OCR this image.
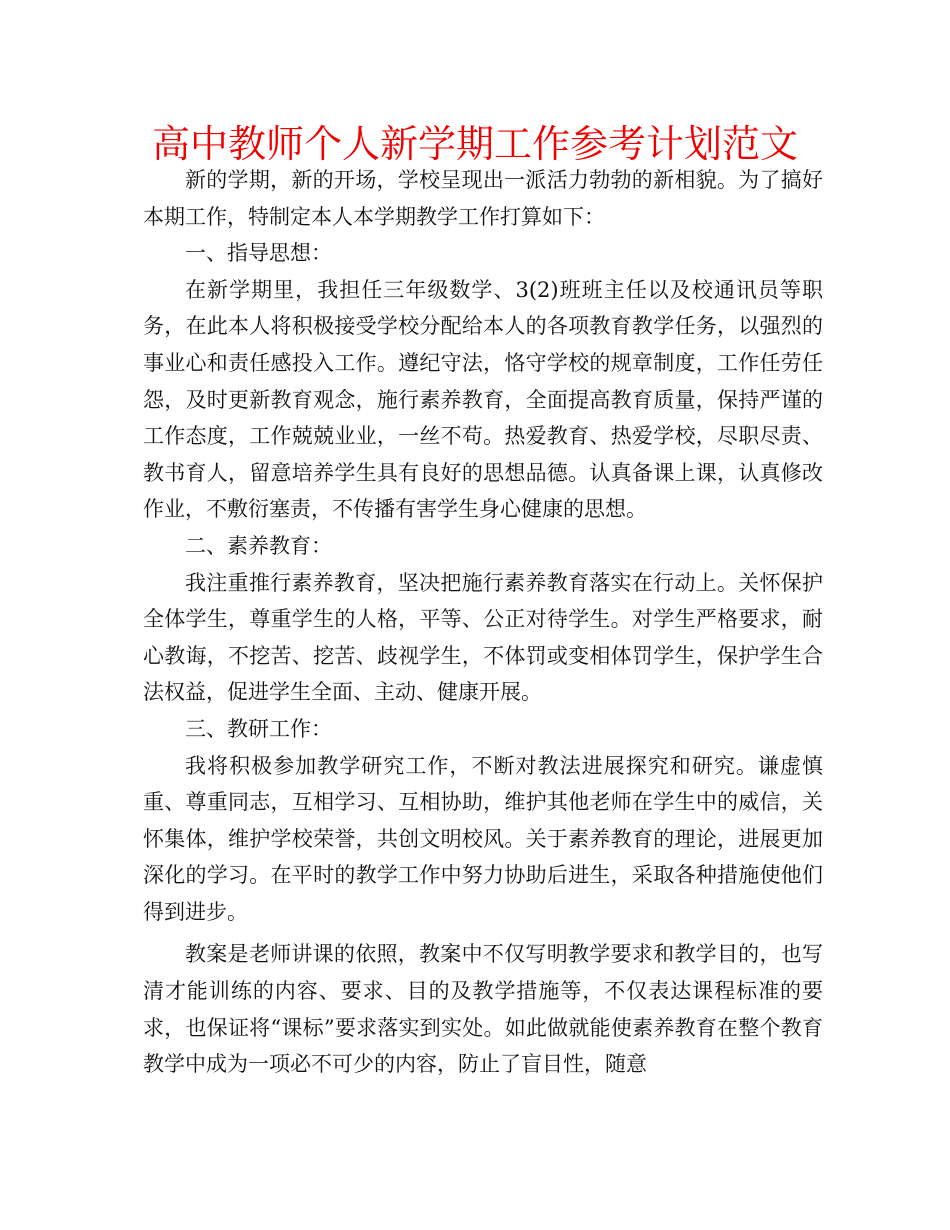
高中教师个人新学期工作参考计划范文

新的学期，新的开场，学校呈现出一派活力勃勃的新相貌。为了搞好本期工作，特制定本人本学期教学工作打算如下：

一、指导思想：

在新学期里，我担任三年级数学、3(2)班班主任以及校通讯员等职务，在此本人将积极接受学校分配给本人的各项教育教学任务，以强烈的事业心和责任感投入工作。遵纪守法，恪守学校的规章制度，工作任劳任怨，及时更新教育观念，施行素养教育，全面提高教育质量，保持严谨的工作态度，工作兢兢业业，一丝不苟。热爱教育、热爱学校，尽职尽责、教书育人，留意培养学生具有良好的思想品德。认真备课上课，认真修改作业，不敷衍塞责，不传播有害学生身心健康的思想。

二、素养教育：

我注重推行素养教育，坚决把施行素养教育落实在行动上。关怀保护全体学生，尊重学生的人格，平等、公正对待学生。对学生严格要求，耐心教诲，不挖苦、挖苦、歧视学生，不体罚或变相体罚学生，保护学生合法权益，促进学生全面、主动、健康开展。

三、教研工作：

我将积极参加教学研究工作，不断对教法进展探究和研究。谦虚慎重、尊重同志，互相学习、互相协助，维护其他老师在学生中的威信，关怀集体，维护学校荣誉，共创文明校风。关于素养教育的理论，进展更加深化的学习。在平时的教学工作中努力协助后进生，采取各种措施使他们得到进步。

教案是老师讲课的依照，教案中不仅写明教学要求和教学目的，也写清才能训练的内容、要求、目的及教学措施等，不仅表达课程标准的要求，也保证将“课标”要求落实到实处。如此做就能使素养教育在整个教育教学中成为一项必不可少的内容，防止了盲目性，随意
